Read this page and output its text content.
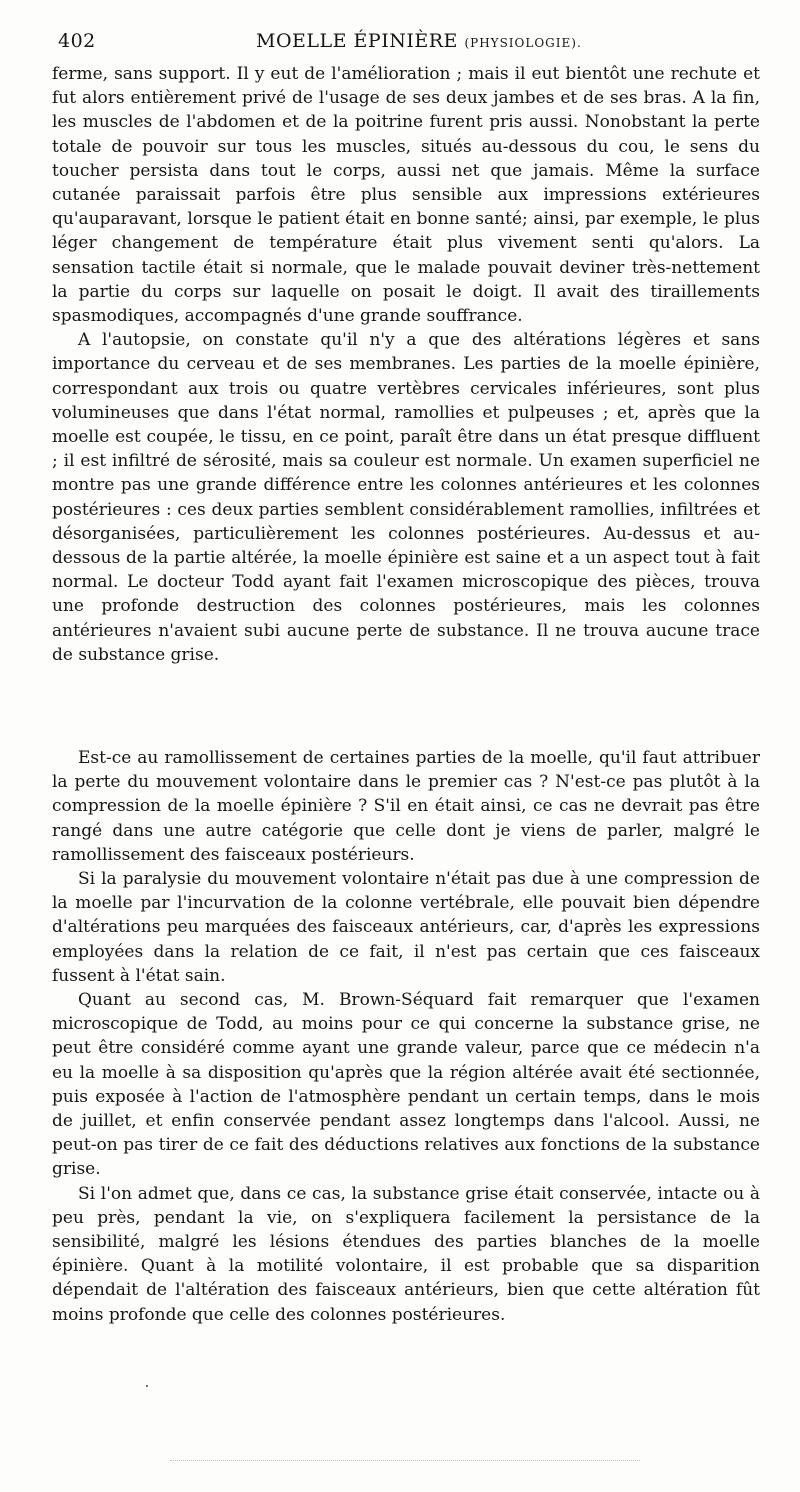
402	MOELLE ÉPINIÈRE (PHYSIOLOGIE).

ferme, sans support. Il y eut de l'amélioration ; mais il eut bientôt une rechute et fut alors entièrement privé de l'usage de ses deux jambes et de ses bras. A la fin, les muscles de l'abdomen et de la poitrine furent pris aussi. Nonobstant la perte totale de pouvoir sur tous les muscles, situés au-dessous du cou, le sens du toucher persista dans tout le corps, aussi net que jamais. Même la surface cutanée paraissait parfois être plus sensible aux impressions extérieures qu'auparavant, lorsque le patient était en bonne santé; ainsi, par exemple, le plus léger changement de température était plus vivement senti qu'alors. La sensation tactile était si normale, que le malade pouvait deviner très-nettement la partie du corps sur laquelle on posait le doigt. Il avait des tiraillements spasmodiques, accompagnés d'une grande souffrance.

A l'autopsie, on constate qu'il n'y a que des altérations légères et sans importance du cerveau et de ses membranes. Les parties de la moelle épinière, correspondant aux trois ou quatre vertèbres cervicales inférieures, sont plus volumineuses que dans l'état normal, ramollies et pulpeuses ; et, après que la moelle est coupée, le tissu, en ce point, paraît être dans un état presque diffluent ; il est infiltré de sérosité, mais sa couleur est normale. Un examen superficiel ne montre pas une grande différence entre les colonnes antérieures et les colonnes postérieures : ces deux parties semblent considérablement ramollies, infiltrées et désorganisées, particulièrement les colonnes postérieures. Au-dessus et au-dessous de la partie altérée, la moelle épinière est saine et a un aspect tout à fait normal. Le docteur Todd ayant fait l'examen microscopique des pièces, trouva une profonde destruction des colonnes postérieures, mais les colonnes antérieures n'avaient subi aucune perte de substance. Il ne trouva aucune trace de substance grise.

Est-ce au ramollissement de certaines parties de la moelle, qu'il faut attribuer la perte du mouvement volontaire dans le premier cas ? N'est-ce pas plutôt à la compression de la moelle épinière ? S'il en était ainsi, ce cas ne devrait pas être rangé dans une autre catégorie que celle dont je viens de parler, malgré le ramollissement des faisceaux postérieurs.

Si la paralysie du mouvement volontaire n'était pas due à une compression de la moelle par l'incurvation de la colonne vertébrale, elle pouvait bien dépendre d'altérations peu marquées des faisceaux antérieurs, car, d'après les expressions employées dans la relation de ce fait, il n'est pas certain que ces faisceaux fussent à l'état sain.

Quant au second cas, M. Brown-Séquard fait remarquer que l'examen microscopique de Todd, au moins pour ce qui concerne la substance grise, ne peut être considéré comme ayant une grande valeur, parce que ce médecin n'a eu la moelle à sa disposition qu'après que la région altérée avait été sectionnée, puis exposée à l'action de l'atmosphère pendant un certain temps, dans le mois de juillet, et enfin conservée pendant assez longtemps dans l'alcool. Aussi, ne peut-on pas tirer de ce fait des déductions relatives aux fonctions de la substance grise.

Si l'on admet que, dans ce cas, la substance grise était conservée, intacte ou à peu près, pendant la vie, on s'expliquera facilement la persistance de la sensibilité, malgré les lésions étendues des parties blanches de la moelle épinière. Quant à la motilité volontaire, il est probable que sa disparition dépendait de l'altération des faisceaux antérieurs, bien que cette altération fût moins profonde que celle des colonnes postérieures.
